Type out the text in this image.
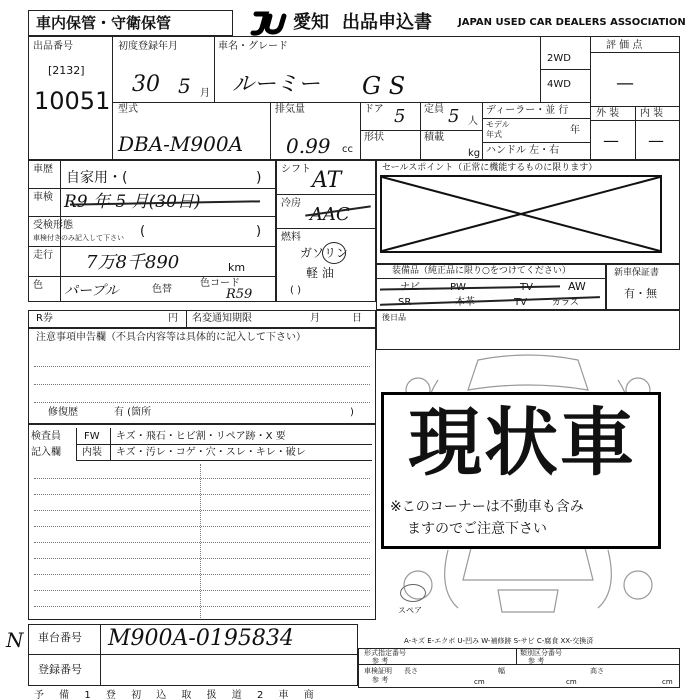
車内保管・守衛保管	愛知 出品申込書	JAPAN USED CAR DEALERS ASSOCIATION
出品番号
[2132]
10051
初度登録年月
30 5 月
車名・グレード
ルーミー G S
2WD
4WD
評 価 点
—
外 装 内 装
— —
型式
DBA-M900A
排気量
0.99 cc
ドア 5 定員 5 人
形状	積載
kg
ディーラー・並 行
モデル
年式	年
ハンドル 左・右
車歴
自家用・(	)
車検 R9 年 5 月(30日)
受検形態
車検付きのみ記入して下さい (	)
走行 7万8千890	km
色 パープル	色替
色コード
R59
シフト AT
冷房
AAC
燃料
ガソリン
軽 油
( )
セールスポイント（正常に機能するものに限ります）
装備品（純正品に限り○をつけてください）
ナビ	PW	TV	AW
SR	本革	TV	ガラス
新車保証書
有・無
R券	円 名変通知期限	月	日	後日品
注意事項申告欄（不具合内容等は具体的に記入して下さい）
修復歴	有 (箇所	)
検査員
記入欄
FW キズ・飛石・ヒビ割・リペア跡・X 要
内装 キズ・汚レ・コゲ・穴・スレ・キレ・破レ
スペア
A-キズ E-エクボ U-凹み W-補修跡 S-サビ C-腐食 XX-交換済
現状車
※このコーナーは不動車も含み
ますのでご注意下さい
N 車台番号 M900A-0195834
登録番号
形式指定番号
参 考
類別区分番号
参 考
車検証明
参 考
長さ
cm
幅
cm
高さ
cm
予 備 1 登 初 込 取 扱 道 2 車 商
